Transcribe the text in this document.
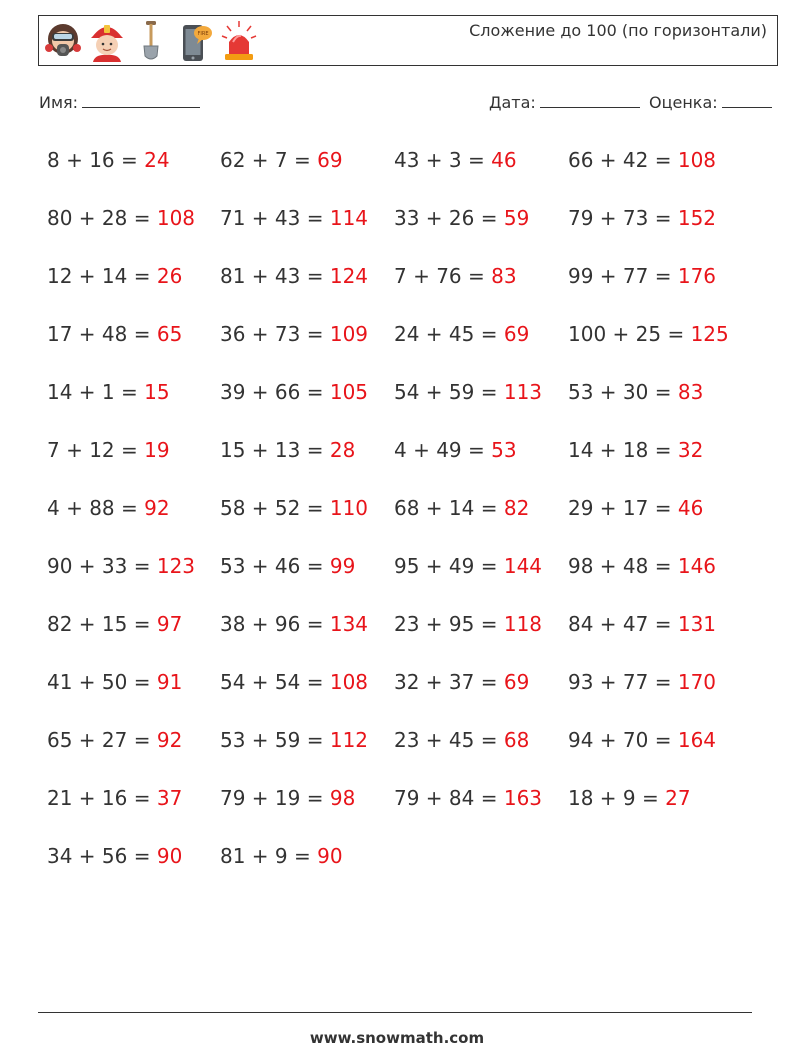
FIRE	Сложение до 100 (по горизонтали)
Имя:	Дата:	Оценка:
8 + 16 = 24	62 + 7 = 69	43 + 3 = 46	66 + 42 = 108
80 + 28 = 108 71 + 43 = 114 33 + 26 = 59 79 + 73 = 152
12 + 14 = 26 81 + 43 = 124 7 + 76 = 83	99 + 77 = 176
17 + 48 = 65 36 + 73 = 109 24 + 45 = 69 100 + 25 = 125
14 + 1 = 15	39 + 66 = 105 54 + 59 = 113 53 + 30 = 83
7 + 12 = 19	15 + 13 = 28 4 + 49 = 53	14 + 18 = 32
4 + 88 = 92	58 + 52 = 110 68 + 14 = 82 29 + 17 = 46
90 + 33 = 123 53 + 46 = 99 95 + 49 = 144 98 + 48 = 146
82 + 15 = 97 38 + 96 = 134 23 + 95 = 118 84 + 47 = 131
41 + 50 = 91 54 + 54 = 108 32 + 37 = 69 93 + 77 = 170
65 + 27 = 92 53 + 59 = 112 23 + 45 = 68 94 + 70 = 164
21 + 16 = 37 79 + 19 = 98 79 + 84 = 163 18 + 9 = 27
34 + 56 = 90 81 + 9 = 90
www.snowmath.com
